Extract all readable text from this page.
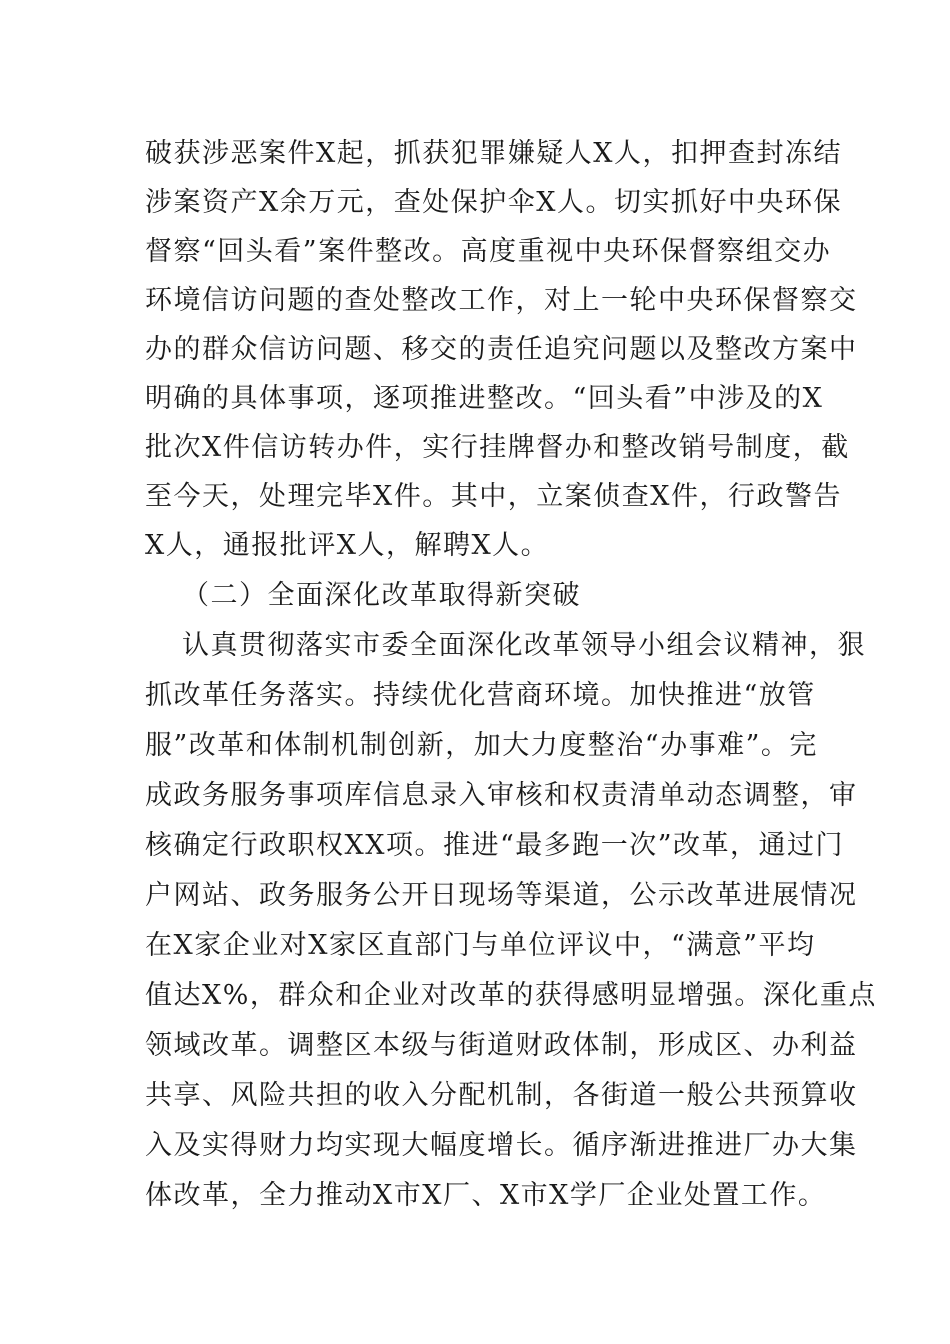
破获涉恶案件X起，抓获犯罪嫌疑人X人，扣押查封冻结
涉案资产X余万元，查处保护伞X人。切实抓好中央环保
督察“回头看”案件整改。高度重视中央环保督察组交办
环境信访问题的查处整改工作，对上一轮中央环保督察交
办的群众信访问题、移交的责任追究问题以及整改方案中
明确的具体事项，逐项推进整改。“回头看”中涉及的X
批次X件信访转办件，实行挂牌督办和整改销号制度，截
至今天，处理完毕X件。其中，立案侦查X件，行政警告
X人，通报批评X人，解聘X人。
（二）全面深化改革取得新突破
认真贯彻落实市委全面深化改革领导小组会议精神，狠
抓改革任务落实。持续优化营商环境。加快推进“放管
服”改革和体制机制创新，加大力度整治“办事难”。完
成政务服务事项库信息录入审核和权责清单动态调整，审
核确定行政职权XX项。推进“最多跑一次”改革，通过门
户网站、政务服务公开日现场等渠道，公示改革进展情况
在X家企业对X家区直部门与单位评议中，“满意”平均
值达X%，群众和企业对改革的获得感明显增强。深化重点
领域改革。调整区本级与街道财政体制，形成区、办利益
共享、风险共担的收入分配机制，各街道一般公共预算收
入及实得财力均实现大幅度增长。循序渐进推进厂办大集
体改革，全力推动X市X厂、X市X学厂企业处置工作。
